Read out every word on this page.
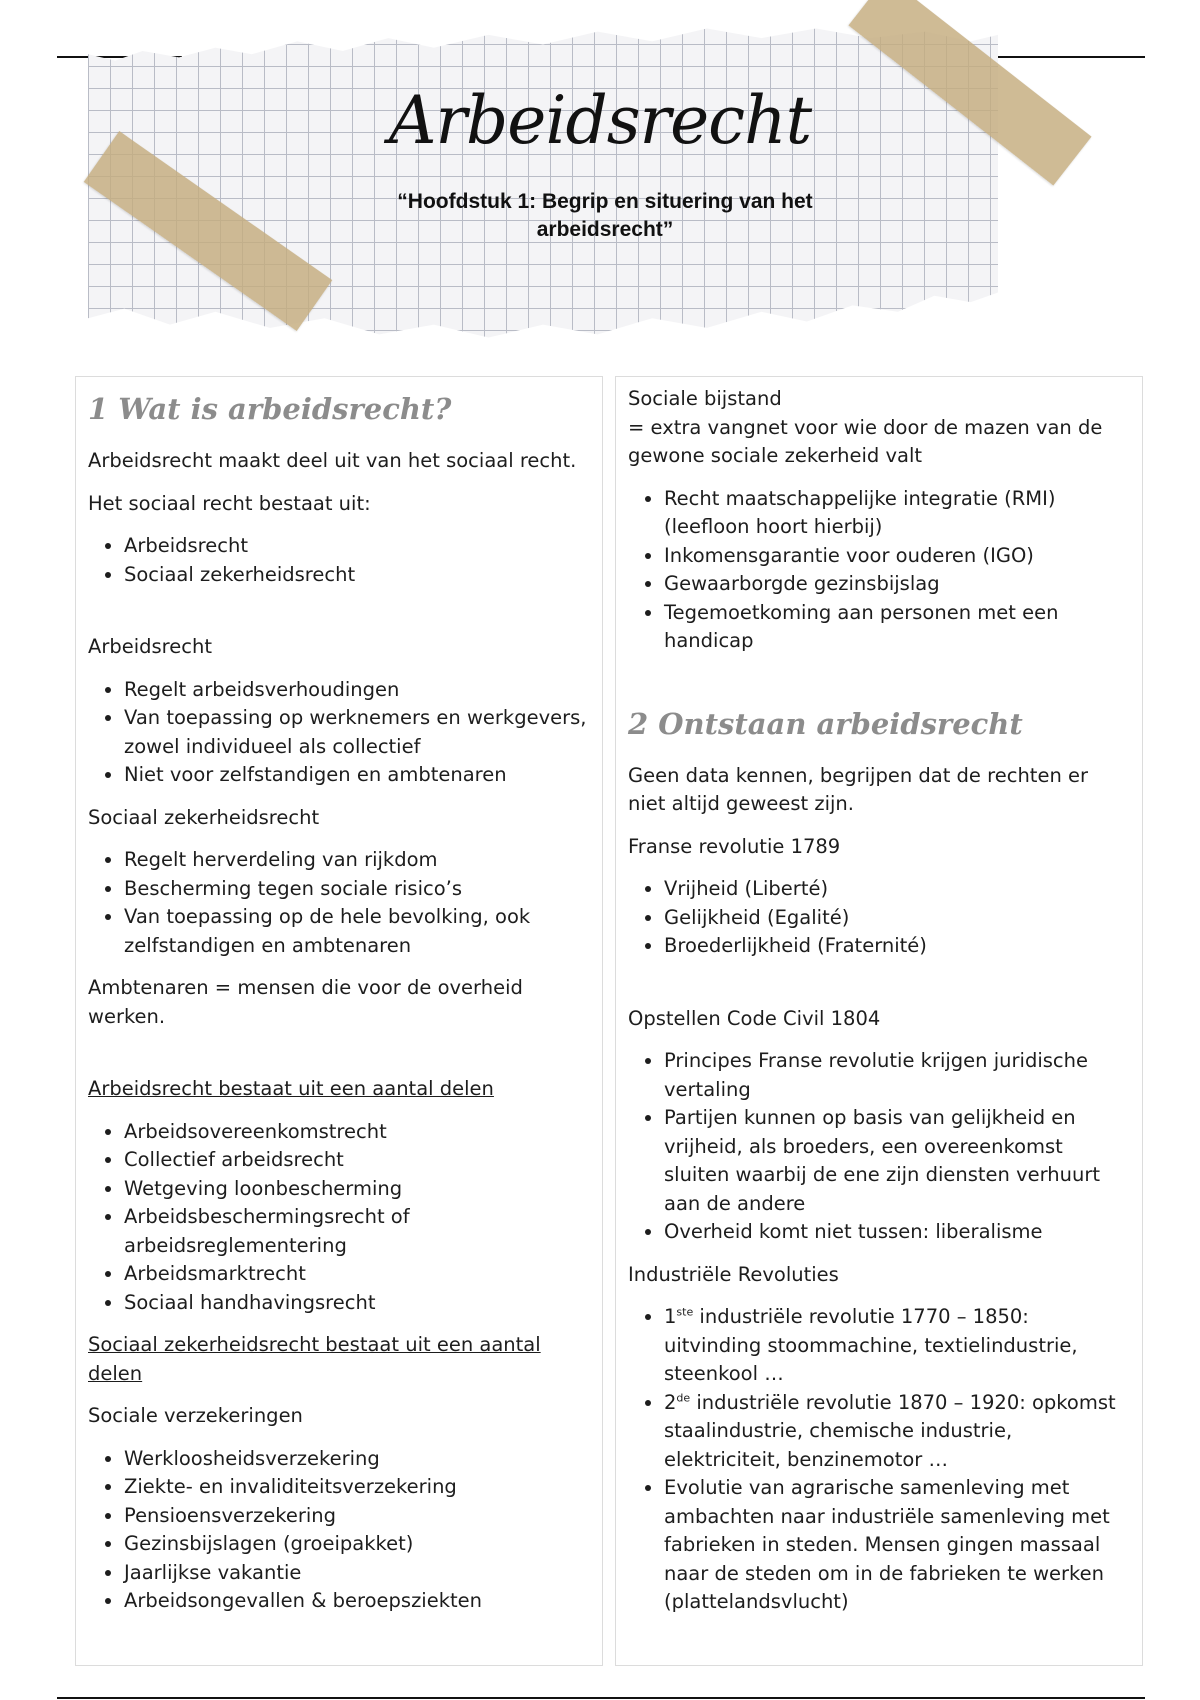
Arbeidsrecht
“Hoofdstuk 1: Begrip en situering van het arbeidsrecht”
1 Wat is arbeidsrecht?

Arbeidsrecht maakt deel uit van het sociaal recht.

Het sociaal recht bestaat uit:

• Arbeidsrecht
• Sociaal zekerheidsrecht

Arbeidsrecht

• Regelt arbeidsverhoudingen
• Van toepassing op werknemers en werkgevers, zowel individueel als collectief
• Niet voor zelfstandigen en ambtenaren

Sociaal zekerheidsrecht

• Regelt herverdeling van rijkdom
• Bescherming tegen sociale risico’s
• Van toepassing op de hele bevolking, ook zelfstandigen en ambtenaren

Ambtenaren = mensen die voor de overheid werken.

Arbeidsrecht bestaat uit een aantal delen

• Arbeidsovereenkomstrecht
• Collectief arbeidsrecht
• Wetgeving loonbescherming
• Arbeidsbeschermingsrecht of arbeidsreglementering
• Arbeidsmarktrecht
• Sociaal handhavingsrecht

Sociaal zekerheidsrecht bestaat uit een aantal delen

Sociale verzekeringen

• Werkloosheidsverzekering
• Ziekte- en invaliditeitsverzekering
• Pensioensverzekering
• Gezinsbijslagen (groeipakket)
• Jaarlijkse vakantie
• Arbeidsongevallen & beroepsziekten
Sociale bijstand

= extra vangnet voor wie door de mazen van de gewone sociale zekerheid valt

• Recht maatschappelijke integratie (RMI) (leefloon hoort hierbij)
• Inkomensgarantie voor ouderen (IGO)
• Gewaarborgde gezinsbijslag
• Tegemoetkoming aan personen met een handicap
2 Ontstaan arbeidsrecht

Geen data kennen, begrijpen dat de rechten er niet altijd geweest zijn.

Franse revolutie 1789

• Vrijheid (Liberté)
• Gelijkheid (Egalité)
• Broederlijkheid (Fraternité)

Opstellen Code Civil 1804

• Principes Franse revolutie krijgen juridische vertaling
• Partijen kunnen op basis van gelijkheid en vrijheid, als broeders, een overeenkomst sluiten waarbij de ene zijn diensten verhuurt aan de andere
• Overheid komt niet tussen: liberalisme

Industriële Revoluties

• 1ste industriële revolutie 1770 – 1850: uitvinding stoommachine, textielindustrie, steenkool …
• 2de industriële revolutie 1870 – 1920: opkomst staalindustrie, chemische industrie, elektriciteit, benzinemotor …
• Evolutie van agrarische samenleving met ambachten naar industriële samenleving met fabrieken in steden. Mensen gingen massaal naar de steden om in de fabrieken te werken (plattelandsvlucht)
